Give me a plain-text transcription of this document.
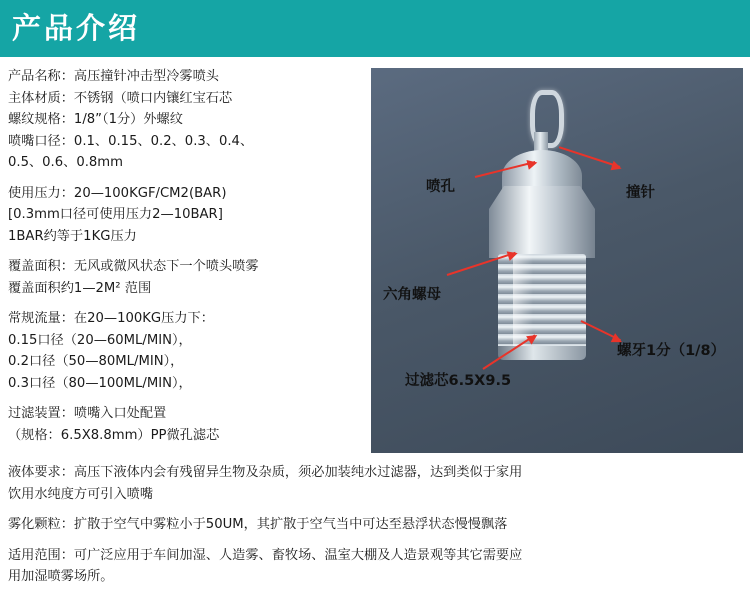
产品介绍
产品名称：高压撞针冲击型冷雾喷头
主体材质：不锈钢（喷口内镶红宝石芯
螺纹规格：1/8”（1分）外螺纹
喷嘴口径：0.1、0.15、0.2、0.3、0.4、
0.5、0.6、0.8mm
使用压力：20—100KGF/CM2(BAR)
[0.3mm口径可使用压力2—10BAR]
1BAR约等于1KG压力
覆盖面积：无风或微风状态下一个喷头喷雾
覆盖面积约1—2M² 范围
常规流量：在20—100KG压力下：
0.15口径（20—60ML/MIN），
0.2口径（50—80ML/MIN），
0.3口径（80—100ML/MIN），
过滤装置：喷嘴入口处配置
（规格：6.5X8.8mm）PP微孔滤芯
喷孔	撞针
六角螺母
螺牙1分（1/8）
过滤芯6.5X9.5
液体要求：高压下液体内会有残留异生物及杂质，须必加装纯水过滤器，达到类似于家用
饮用水纯度方可引入喷嘴
雾化颗粒：扩散于空气中雾粒小于50UM，其扩散于空气当中可达至悬浮状态慢慢飘落
适用范围：可广泛应用于车间加湿、人造雾、畜牧场、温室大棚及人造景观等其它需要应
用加湿喷雾场所。
